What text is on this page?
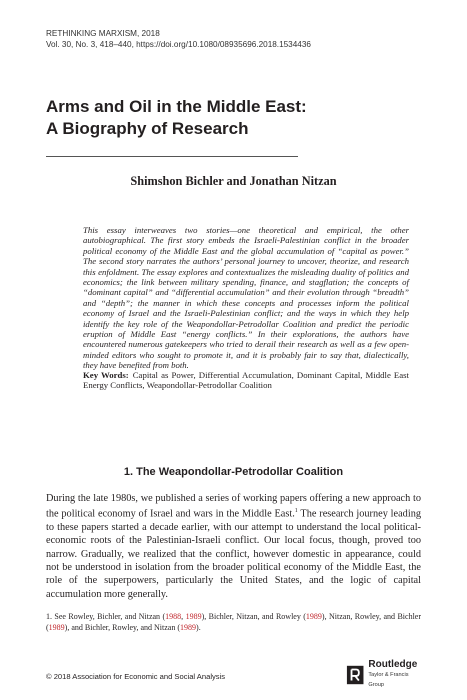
RETHINKING MARXISM, 2018
Vol. 30, No. 3, 418–440, https://doi.org/10.1080/08935696.2018.1534436
Arms and Oil in the Middle East:
A Biography of Research
Shimshon Bichler and Jonathan Nitzan
This essay interweaves two stories—one theoretical and empirical, the other autobiographical. The first story embeds the Israeli-Palestinian conflict in the broader political economy of the Middle East and the global accumulation of “capital as power.” The second story narrates the authors’ personal journey to uncover, theorize, and research this enfoldment. The essay explores and contextualizes the misleading duality of politics and economics; the link between military spending, finance, and stagflation; the concepts of “dominant capital” and “differential accumulation” and their evolution through “breadth” and “depth”; the manner in which these concepts and processes inform the political economy of Israel and the Israeli-Palestinian conflict; and the ways in which they help identify the key role of the Weapondollar-Petrodollar Coalition and predict the periodic eruption of Middle East “energy conflicts.” In their explorations, the authors have encountered numerous gatekeepers who tried to derail their research as well as a few open-minded editors who sought to promote it, and it is probably fair to say that, dialectically, they have benefited from both.
Key Words: Capital as Power, Differential Accumulation, Dominant Capital, Middle East Energy Conflicts, Weapondollar-Petrodollar Coalition
1. The Weapondollar-Petrodollar Coalition
During the late 1980s, we published a series of working papers offering a new approach to the political economy of Israel and wars in the Middle East.$^1$ The research journey leading to these papers started a decade earlier, with our attempt to understand the local political-economic roots of the Palestinian-Israeli conflict. Our local focus, though, proved too narrow. Gradually, we realized that the conflict, however domestic in appearance, could not be understood in isolation from the broader political economy of the Middle East, the role of the superpowers, particularly the United States, and the logic of capital accumulation more generally.
1. See Rowley, Bichler, and Nitzan (1988, 1989), Bichler, Nitzan, and Rowley (1989), Nitzan, Rowley, and Bichler (1989), and Bichler, Rowley, and Nitzan (1989).
© 2018 Association for Economic and Social Analysis
Routledge
Taylor & Francis Group
